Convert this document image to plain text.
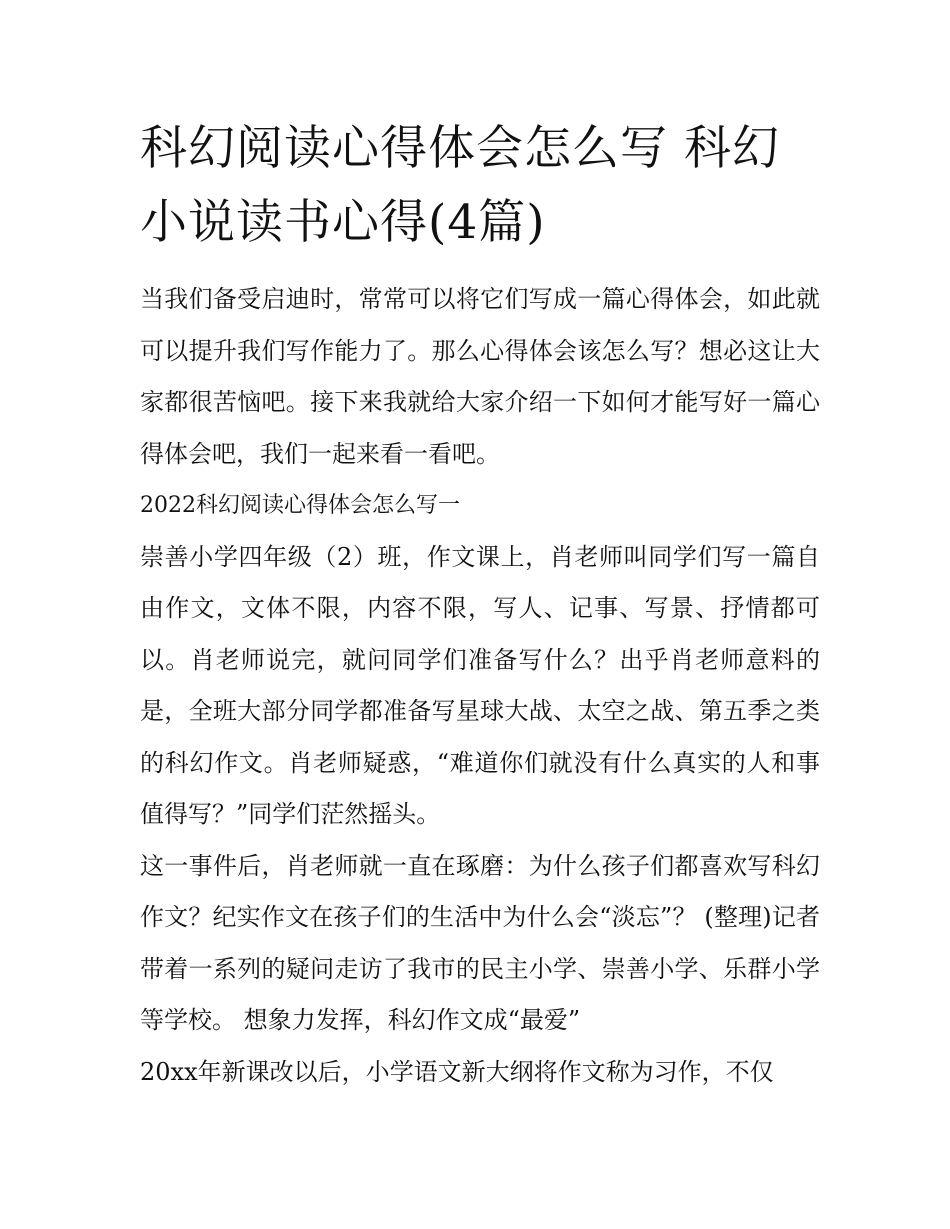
科幻阅读心得体会怎么写 科幻小说读书心得(4篇)

当我们备受启迪时，常常可以将它们写成一篇心得体会，如此就可以提升我们写作能力了。那么心得体会该怎么写？想必这让大家都很苦恼吧。接下来我就给大家介绍一下如何才能写好一篇心得体会吧，我们一起来看一看吧。

2022科幻阅读心得体会怎么写一

崇善小学四年级（2）班，作文课上，肖老师叫同学们写一篇自由作文，文体不限，内容不限，写人、记事、写景、抒情都可以。肖老师说完，就问同学们准备写什么？出乎肖老师意料的是，全班大部分同学都准备写星球大战、太空之战、第五季之类的科幻作文。肖老师疑惑，“难道你们就没有什么真实的人和事值得写？”同学们茫然摇头。

这一事件后，肖老师就一直在琢磨：为什么孩子们都喜欢写科幻作文？纪实作文在孩子们的生活中为什么会“淡忘”？ (整理)记者带着一系列的疑问走访了我市的民主小学、崇善小学、乐群小学等学校。 想象力发挥，科幻作文成“最爱”

20xx年新课改以后，小学语文新大纲将作文称为习作，不仅
